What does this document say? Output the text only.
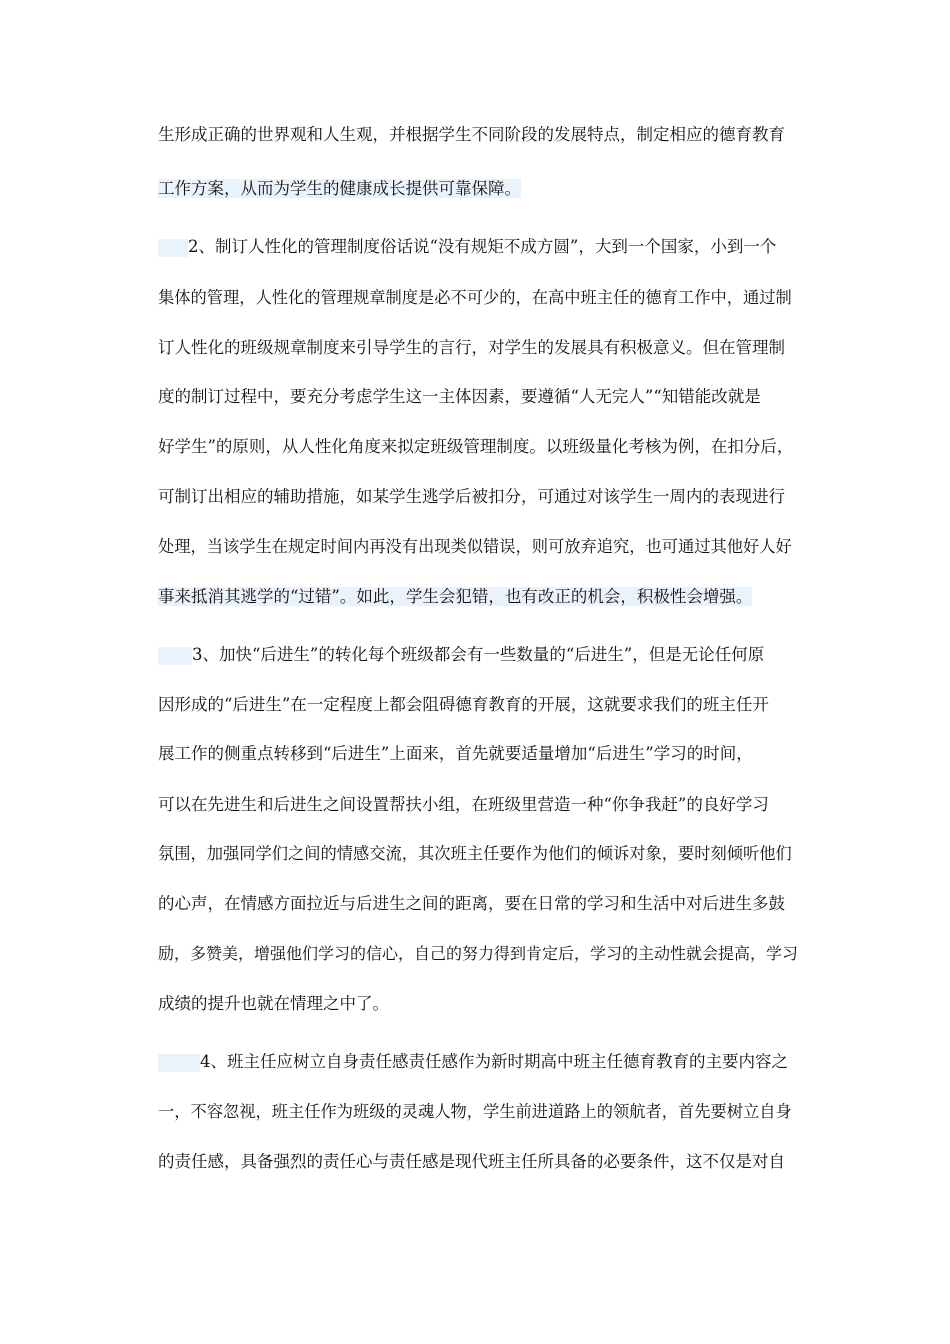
生形成正确的世界观和人生观，并根据学生不同阶段的发展特点，制定相应的德育教育
工作方案，从而为学生的健康成长提供可靠保障。
2、制订人性化的管理制度俗话说“没有规矩不成方圆”，大到一个国家，小到一个
集体的管理，人性化的管理规章制度是必不可少的，在高中班主任的德育工作中，通过制
订人性化的班级规章制度来引导学生的言行，对学生的发展具有积极意义。但在管理制
度的制订过程中，要充分考虑学生这一主体因素，要遵循“人无完人”“知错能改就是
好学生”的原则，从人性化角度来拟定班级管理制度。以班级量化考核为例，在扣分后，
可制订出相应的辅助措施，如某学生逃学后被扣分，可通过对该学生一周内的表现进行
处理，当该学生在规定时间内再没有出现类似错误，则可放弃追究，也可通过其他好人好
事来抵消其逃学的“过错”。如此，学生会犯错，也有改正的机会，积极性会增强。
3、加快“后进生”的转化每个班级都会有一些数量的“后进生”，但是无论任何原
因形成的“后进生”在一定程度上都会阻碍德育教育的开展，这就要求我们的班主任开
展工作的侧重点转移到“后进生”上面来，首先就要适量增加“后进生”学习的时间，
可以在先进生和后进生之间设置帮扶小组，在班级里营造一种“你争我赶”的良好学习
氛围，加强同学们之间的情感交流，其次班主任要作为他们的倾诉对象，要时刻倾听他们
的心声，在情感方面拉近与后进生之间的距离，要在日常的学习和生活中对后进生多鼓
励，多赞美，增强他们学习的信心，自己的努力得到肯定后，学习的主动性就会提高，学习
成绩的提升也就在情理之中了。
4、班主任应树立自身责任感责任感作为新时期高中班主任德育教育的主要内容之
一，不容忽视，班主任作为班级的灵魂人物，学生前进道路上的领航者，首先要树立自身
的责任感，具备强烈的责任心与责任感是现代班主任所具备的必要条件，这不仅是对自
